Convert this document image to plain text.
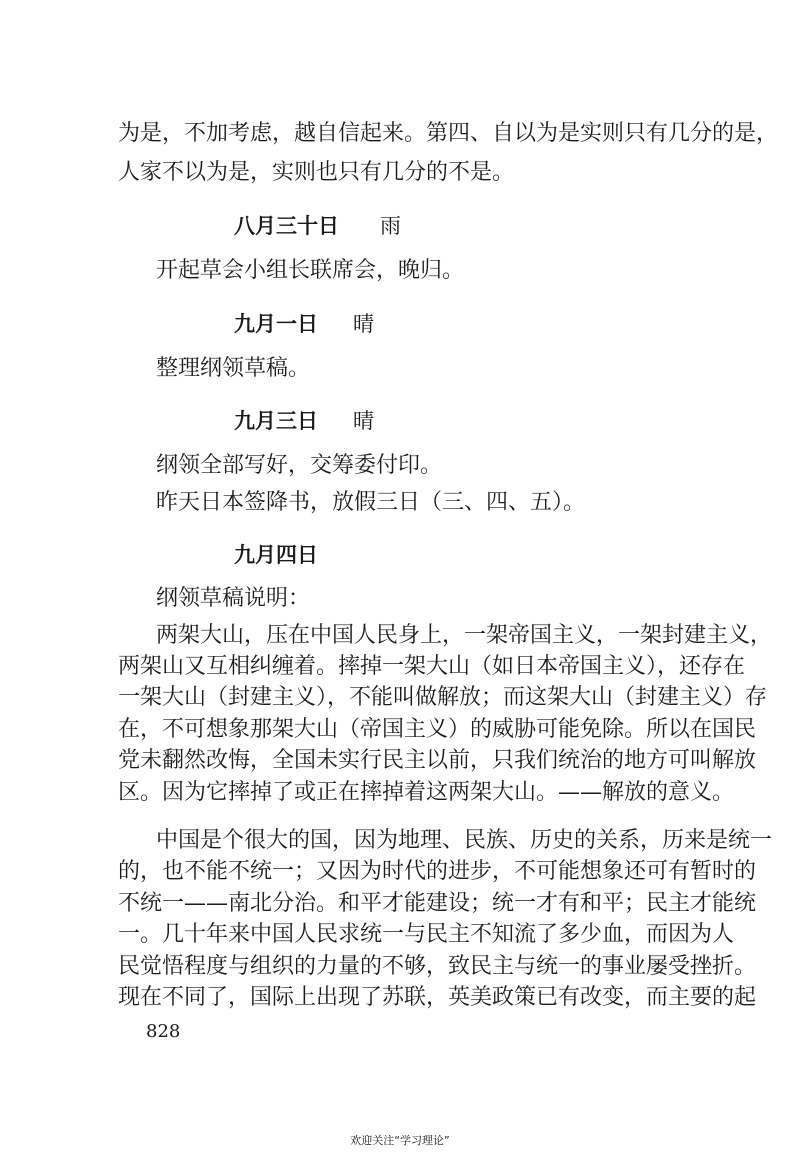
为是，不加考虑，越自信起来。第四、自以为是实则只有几分的是，

人家不以为是，实则也只有几分的不是。

八月三十日 雨

开起草会小组长联席会，晚归。

九月一日 晴

整理纲领草稿。

九月三日 晴

纲领全部写好，交筹委付印。

昨天日本签降书，放假三日（三、四、五）。

九月四日

纲领草稿说明：

两架大山，压在中国人民身上，一架帝国主义，一架封建主义，

两架山又互相纠缠着。摔掉一架大山（如日本帝国主义），还存在

一架大山（封建主义），不能叫做解放；而这架大山（封建主义）存

在，不可想象那架大山（帝国主义）的威胁可能免除。所以在国民

党未翻然改悔，全国未实行民主以前，只我们统治的地方可叫解放

区。因为它摔掉了或正在摔掉着这两架大山。——解放的意义。

中国是个很大的国，因为地理、民族、历史的关系，历来是统一

的，也不能不统一；又因为时代的进步，不可能想象还可有暂时的

不统一——南北分治。和平才能建设；统一才有和平；民主才能统

一。几十年来中国人民求统一与民主不知流了多少血，而因为人

民觉悟程度与组织的力量的不够，致民主与统一的事业屡受挫折。

现在不同了，国际上出现了苏联，英美政策已有改变，而主要的起

828
欢迎关注“学习理论”
